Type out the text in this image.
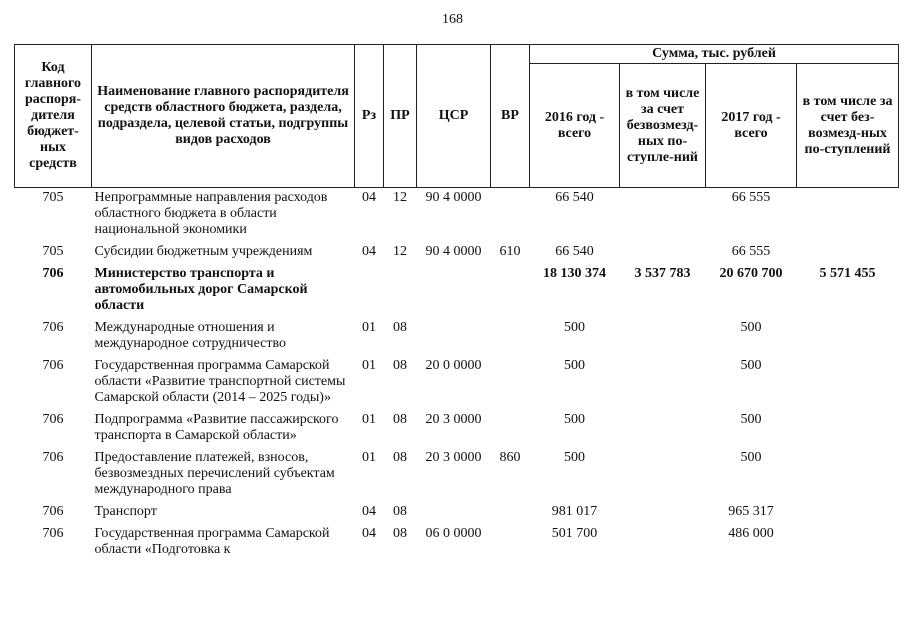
168
Код главного распоря-дителя бюджет-ных средств	Наименование главного распорядителя средств областного бюджета, раздела, подраздела, целевой статьи, подгруппы видов расходов	Рз	ПР	ЦСР	ВР	Сумма, тыс. рублей			
						2016 год - всего	в том числе за счет безвозмезд-ных по-ступле-ний	2017 год - всего	в том числе за счет без-возмезд-ных по-ступлений
705	Непрограммные направления расходов областного бюджета в области национальной экономики	04	12	90 4 0000		66 540		66 555	
705	Субсидии бюджетным учреждениям	04	12	90 4 0000	610	66 540		66 555	
706	Министерство транспорта и автомобильных дорог Самарской области					18 130 374	3 537 783	20 670 700	5 571 455
706	Международные отношения и международное сотрудничество	01	08			500		500	
706	Государственная программа Самарской области «Развитие транспортной системы Самарской области (2014 – 2025 годы)»	01	08	20 0 0000		500		500	
706	Подпрограмма «Развитие пассажирского транспорта в Самарской области»	01	08	20 3 0000		500		500	
706	Предоставление платежей, взносов, безвозмездных перечислений субъектам международного права	01	08	20 3 0000	860	500		500	
706	Транспорт	04	08			981 017		965 317	
706	Государственная программа Самарской области «Подготовка к	04	08	06 0 0000		501 700		486 000	
